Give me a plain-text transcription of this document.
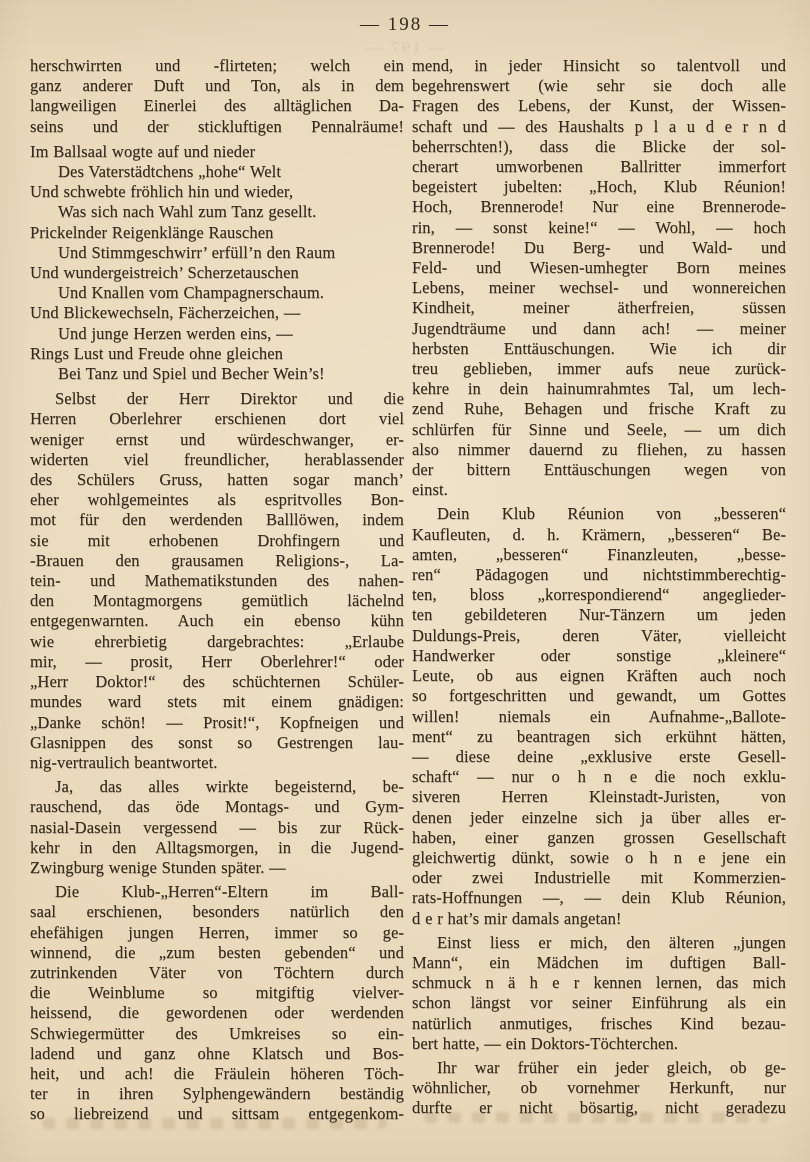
— 197 —
— 198 —
herschwirrten und -flirteten; welch ein
ganz anderer Duft und Ton, als in dem
langweiligen Einerlei des alltäglichen Da-
seins und der stickluftigen Pennalräume!
Im Ballsaal wogte auf und nieder
Des Vaterstädtchens „hohe“ Welt
Und schwebte fröhlich hin und wieder,
Was sich nach Wahl zum Tanz gesellt.
Prickelnder Reigenklänge Rauschen
Und Stimmgeschwirr’ erfüll’n den Raum
Und wundergeistreich’ Scherzetauschen
Und Knallen vom Champagnerschaum.
Und Blickewechseln, Fächerzeichen, —
Und junge Herzen werden eins, —
Rings Lust und Freude ohne gleichen
Bei Tanz und Spiel und Becher Wein’s!
Selbst der Herr Direktor und die
Herren Oberlehrer erschienen dort viel
weniger ernst und würdeschwanger, er-
widerten viel freundlicher, herablassender
des Schülers Gruss, hatten sogar manch’
eher wohlgemeintes als espritvolles Bon-
mot für den werdenden Balllöwen, indem
sie mit erhobenen Drohfingern und
-Brauen den grausamen Religions-, La-
tein- und Mathematikstunden des nahen-
den Montagmorgens gemütlich lächelnd
entgegenwarnten. Auch ein ebenso kühn
wie ehrerbietig dargebrachtes: „Erlaube
mir, — prosit, Herr Oberlehrer!“ oder
„Herr Doktor!“ des schüchternen Schüler-
mundes ward stets mit einem gnädigen:
„Danke schön! — Prosit!“, Kopfneigen und
Glasnippen des sonst so Gestrengen lau-
nig-vertraulich beantwortet.
Ja, das alles wirkte begeisternd, be-
rauschend, das öde Montags- und Gym-
nasial-Dasein vergessend — bis zur Rück-
kehr in den Alltagsmorgen, in die Jugend-
Zwingburg wenige Stunden später. —
Die Klub-„Herren“-Eltern im Ball-
saal erschienen, besonders natürlich den
ehefähigen jungen Herren, immer so ge-
winnend, die „zum besten gebenden“ und
zutrinkenden Väter von Töchtern durch
die Weinblume so mitgiftig vielver-
heissend, die gewordenen oder werdenden
Schwiegermütter des Umkreises so ein-
ladend und ganz ohne Klatsch und Bos-
heit, und ach! die Fräulein höheren Töch-
ter in ihren Sylphengewändern beständig
so liebreizend und sittsam entgegenkom-
mend, in jeder Hinsicht so talentvoll und
begehrenswert (wie sehr sie doch alle
Fragen des Lebens, der Kunst, der Wissen-
schaft und — des Haushalts p l a u d e r n d
beherrschten!), dass die Blicke der sol-
cherart umworbenen Ballritter immerfort
begeistert jubelten: „Hoch, Klub Réunion!
Hoch, Brennerode! Nur eine Brennerode-
rin, — sonst keine!“ — Wohl, — hoch
Brennerode! Du Berg- und Wald- und
Feld- und Wiesen-umhegter Born meines
Lebens, meiner wechsel- und wonnereichen
Kindheit, meiner ätherfreien, süssen
Jugendträume und dann ach! — meiner
herbsten Enttäuschungen. Wie ich dir
treu geblieben, immer aufs neue zurück-
kehre in dein hainumrahmtes Tal, um lech-
zend Ruhe, Behagen und frische Kraft zu
schlürfen für Sinne und Seele, — um dich
also nimmer dauernd zu fliehen, zu hassen
der bittern Enttäuschungen wegen von
einst.
Dein Klub Réunion von „besseren“
Kaufleuten, d. h. Krämern, „besseren“ Be-
amten, „besseren“ Finanzleuten, „besse-
ren“ Pädagogen und nichtstimmberechtig-
ten, bloss „korrespondierend“ angeglieder-
ten gebildeteren Nur-Tänzern um jeden
Duldungs-Preis, deren Väter, vielleicht
Handwerker oder sonstige „kleinere“
Leute, ob aus eignen Kräften auch noch
so fortgeschritten und gewandt, um Gottes
willen! niemals ein Aufnahme-„Ballote-
ment“ zu beantragen sich erkühnt hätten,
— diese deine „exklusive erste Gesell-
schaft“ — nur o h n e die noch exklu-
siveren Herren Kleinstadt-Juristen, von
denen jeder einzelne sich ja über alles er-
haben, einer ganzen grossen Gesellschaft
gleichwertig dünkt, sowie o h n e jene ein
oder zwei Industrielle mit Kommerzien-
rats-Hoffnungen —, — dein Klub Réunion,
d e r hat’s mir damals angetan!
Einst liess er mich, den älteren „jungen
Mann“, ein Mädchen im duftigen Ball-
schmuck n ä h e r kennen lernen, das mich
schon längst vor seiner Einführung als ein
natürlich anmutiges, frisches Kind bezau-
bert hatte, — ein Doktors-Töchterchen.
Ihr war früher ein jeder gleich, ob ge-
wöhnlicher, ob vornehmer Herkunft, nur
durfte er nicht bösartig, nicht geradezu
